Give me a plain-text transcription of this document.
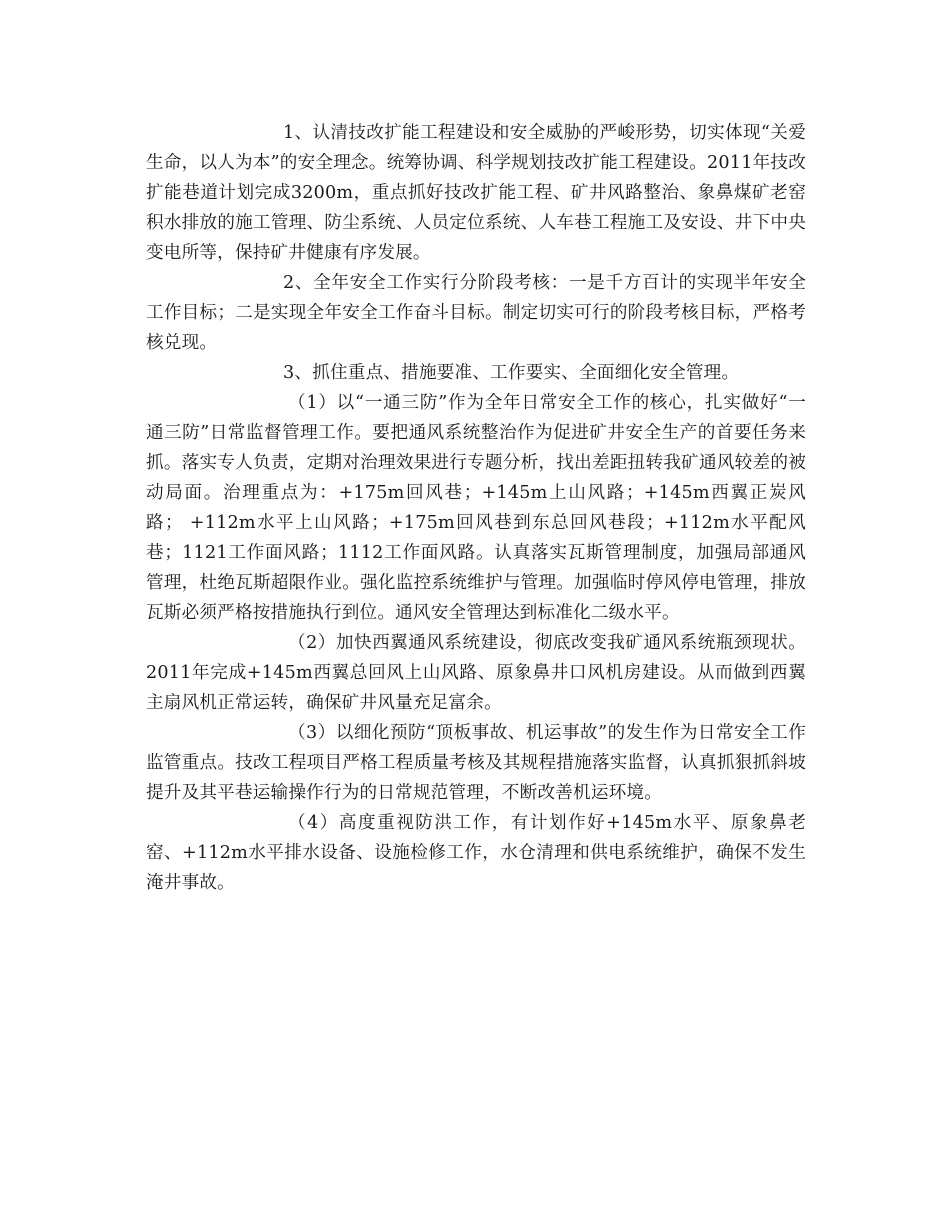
1、认清技改扩能工程建设和安全威胁的严峻形势，切实体现“关爱生命，以人为本”的安全理念。统筹协调、科学规划技改扩能工程建设。2011年技改扩能巷道计划完成3200m，重点抓好技改扩能工程、矿井风路整治、象鼻煤矿老窑积水排放的施工管理、防尘系统、人员定位系统、人车巷工程施工及安设、井下中央变电所等，保持矿井健康有序发展。

2、全年安全工作实行分阶段考核：一是千方百计的实现半年安全工作目标；二是实现全年安全工作奋斗目标。制定切实可行的阶段考核目标，严格考核兑现。

3、抓住重点、措施要准、工作要实、全面细化安全管理。

（1）以“一通三防”作为全年日常安全工作的核心，扎实做好“一通三防”日常监督管理工作。要把通风系统整治作为促进矿井安全生产的首要任务来抓。落实专人负责，定期对治理效果进行专题分析，找出差距扭转我矿通风较差的被动局面。治理重点为：+175m回风巷；+145m上山风路；+145m西翼正炭风路； +112m水平上山风路；+175m回风巷到东总回风巷段；+112m水平配风巷；1121工作面风路；1112工作面风路。认真落实瓦斯管理制度，加强局部通风管理，杜绝瓦斯超限作业。强化监控系统维护与管理。加强临时停风停电管理，排放瓦斯必须严格按措施执行到位。通风安全管理达到标准化二级水平。

（2）加快西翼通风系统建设，彻底改变我矿通风系统瓶颈现状。2011年完成+145m西翼总回风上山风路、原象鼻井口风机房建设。从而做到西翼主扇风机正常运转，确保矿井风量充足富余。

（3）以细化预防“顶板事故、机运事故”的发生作为日常安全工作监管重点。技改工程项目严格工程质量考核及其规程措施落实监督，认真抓狠抓斜坡提升及其平巷运输操作行为的日常规范管理，不断改善机运环境。

（4）高度重视防洪工作，有计划作好+145m水平、原象鼻老窑、+112m水平排水设备、设施检修工作，水仓清理和供电系统维护，确保不发生淹井事故。
